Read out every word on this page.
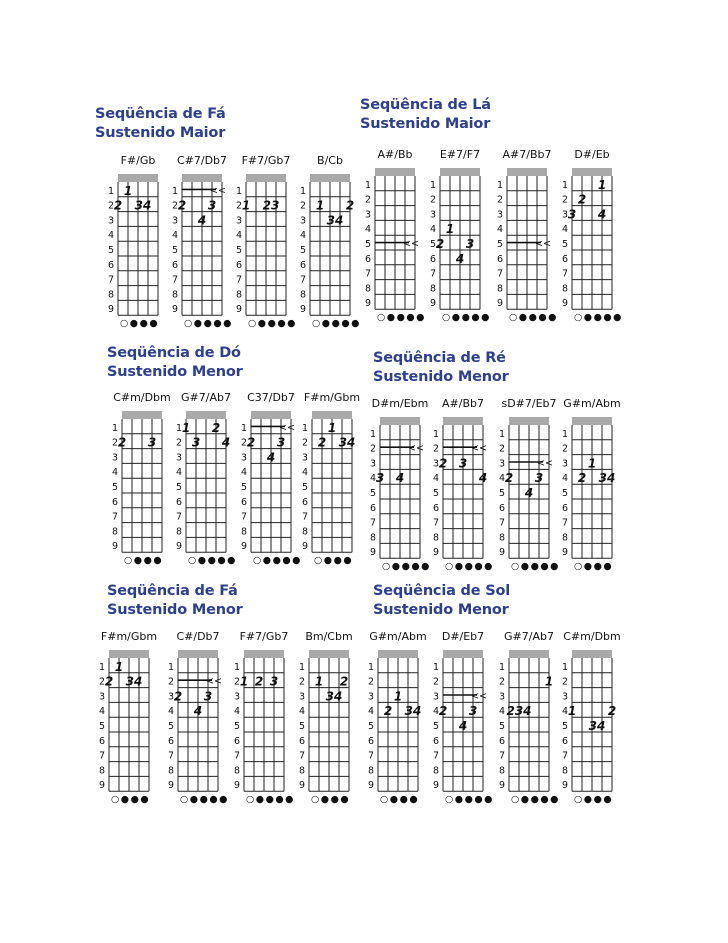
Seqüência de Fá
Sustenido Maior
Seqüência de Lá
Sustenido Maior
Seqüência de Dó
Sustenido Menor
Seqüência de Ré
Sustenido Menor
Seqüência de Fá
Sustenido Menor
Seqüência de Sol
Sustenido Menor
F#/Gb
1
2
3
4
5
6
7
8
9
1
2 34
○●●●
C#7/Db7
1
2
3
4
5
6
7
8
9
<<
2 3
4
○●●●●
F#7/Gb7
1
2
3
4
5
6
7
8
9
1 23
○●●●●
B/Cb
1
2
3
4
5
6
7
8
9
1 2
34
○●●●●
A#/Bb
1
2
3
4
5
6
7
8
9
<<
○●●●●
E#7/F7
1
2
3
4
5
6
7
8
9
1
2 3
4
○●●●●
A#7/Bb7
1
2
3
4
5
6
7
8
9
<<
○●●●●
D#/Eb
1
2
3
4
5
6
7
8
9
1
2
3 4
○●●●●
C#m/Dbm
1
2
3
4
5
6
7
8
9
2 3
○●●●
G#7/Ab7
1
2
3
4
5
6
7
8
9
1 2
3 4
○●●●●
C37/Db7
1
2
3
4
5
6
7
8
9
<<
2 3
4
○●●●●
F#m/Gbm
1
2
3
4
5
6
7
8
9
1
2 34
○●●●
D#m/Ebm
1
2
3
4
5
6
7
8
9
<<
3 4
○●●●●
A#/Bb7
1
2
3
4
5
6
7
8
9
<<
2 3
4
○●●●●
sD#7/Eb7
1
2
3
4
5
6
7
8
9
<<
2 3
4
○●●●●
G#m/Abm
1
2
3
4
5
6
7
8
9
1
2 34
○●●●
F#m/Gbm
1
2
3
4
5
6
7
8
9
1
2 34
○●●●
C#/Db7
1
2
3
4
5
6
7
8
9
<<
2 3
4
○●●●●
F#7/Gb7
1
2
3
4
5
6
7
8
9
1 2 3
○●●●●
Bm/Cbm
1
2
3
4
5
6
7
8
9
1 2
34
○●●●
G#m/Abm
1
2
3
4
5
6
7
8
9
1
2 34
○●●●
D#/Eb7
1
2
3
4
5
6
7
8
9
<<
2 3
4
○●●●●
G#7/Ab7
1
2
3
4
5
6
7
8
9
1
234
○●●●●
C#m/Dbm
1
2
3
4
5
6
7
8
9
1	2
34
○●●●
